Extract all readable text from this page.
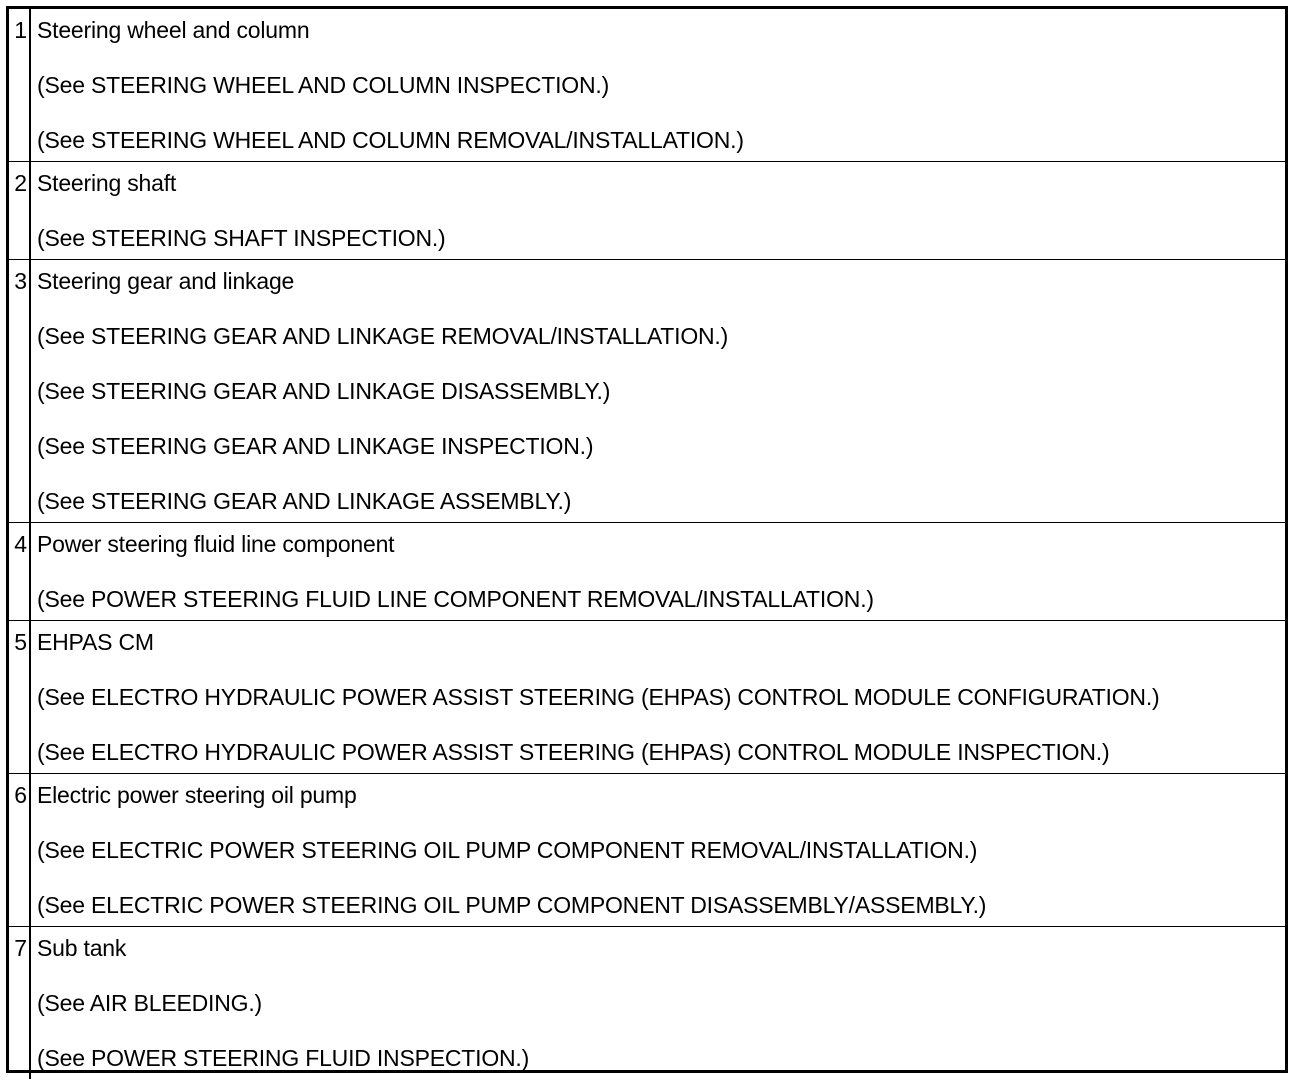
1 Steering wheel and column
(See STEERING WHEEL AND COLUMN INSPECTION.)
(See STEERING WHEEL AND COLUMN REMOVAL/INSTALLATION.)
2 Steering shaft
(See STEERING SHAFT INSPECTION.)
3 Steering gear and linkage
(See STEERING GEAR AND LINKAGE REMOVAL/INSTALLATION.)
(See STEERING GEAR AND LINKAGE DISASSEMBLY.)
(See STEERING GEAR AND LINKAGE INSPECTION.)
(See STEERING GEAR AND LINKAGE ASSEMBLY.)
4 Power steering fluid line component
(See POWER STEERING FLUID LINE COMPONENT REMOVAL/INSTALLATION.)
5 EHPAS CM
(See ELECTRO HYDRAULIC POWER ASSIST STEERING (EHPAS) CONTROL MODULE CONFIGURATION.)
(See ELECTRO HYDRAULIC POWER ASSIST STEERING (EHPAS) CONTROL MODULE INSPECTION.)
6 Electric power steering oil pump
(See ELECTRIC POWER STEERING OIL PUMP COMPONENT REMOVAL/INSTALLATION.)
(See ELECTRIC POWER STEERING OIL PUMP COMPONENT DISASSEMBLY/ASSEMBLY.)
7 Sub tank
(See AIR BLEEDING.)
(See POWER STEERING FLUID INSPECTION.)
